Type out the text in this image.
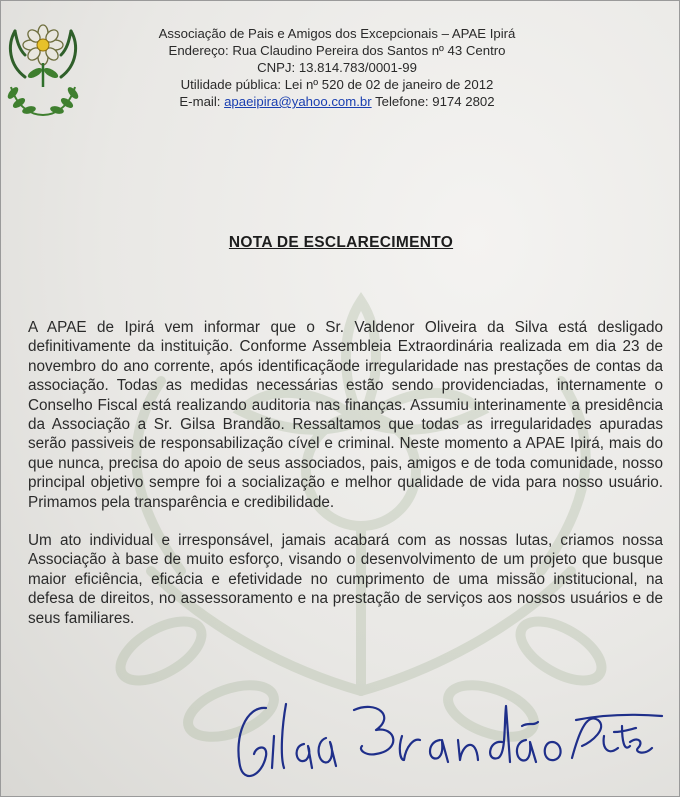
Associação de Pais e Amigos dos Excepcionais – APAE Ipirá
Endereço: Rua Claudino Pereira dos Santos nº 43 Centro
CNPJ: 13.814.783/0001-99
Utilidade pública: Lei nº 520 de 02 de janeiro de 2012
E-mail: apaeipira@yahoo.com.br Telefone: 9174 2802
NOTA DE ESCLARECIMENTO

A APAE de Ipirá vem informar que o Sr. Valdenor Oliveira da Silva está desligado definitivamente da instituição. Conforme Assembleia Extraordinária realizada em dia 23 de novembro do ano corrente, após identificaçãode irregularidade nas prestações de contas da associação. Todas as medidas necessárias estão sendo providenciadas, internamente o Conselho Fiscal está realizando auditoria nas finanças. Assumiu interinamente a presidência da Associação a Sr. Gilsa Brandão. Ressaltamos que todas as irregularidades apuradas serão passiveis de responsabilização cível e criminal. Neste momento a APAE Ipirá, mais do que nunca, precisa do apoio de seus associados, pais, amigos e de toda comunidade, nosso principal objetivo sempre foi a socialização e melhor qualidade de vida para nosso usuário. Primamos pela transparência e credibilidade.

Um ato individual e irresponsável, jamais acabará com as nossas lutas, criamos nossa Associação à base de muito esforço, visando o desenvolvimento de um projeto que busque maior eficiência, eficácia e efetividade no cumprimento de uma missão institucional, na defesa de direitos, no assessoramento e na prestação de serviços aos nossos usuários e de seus familiares.
